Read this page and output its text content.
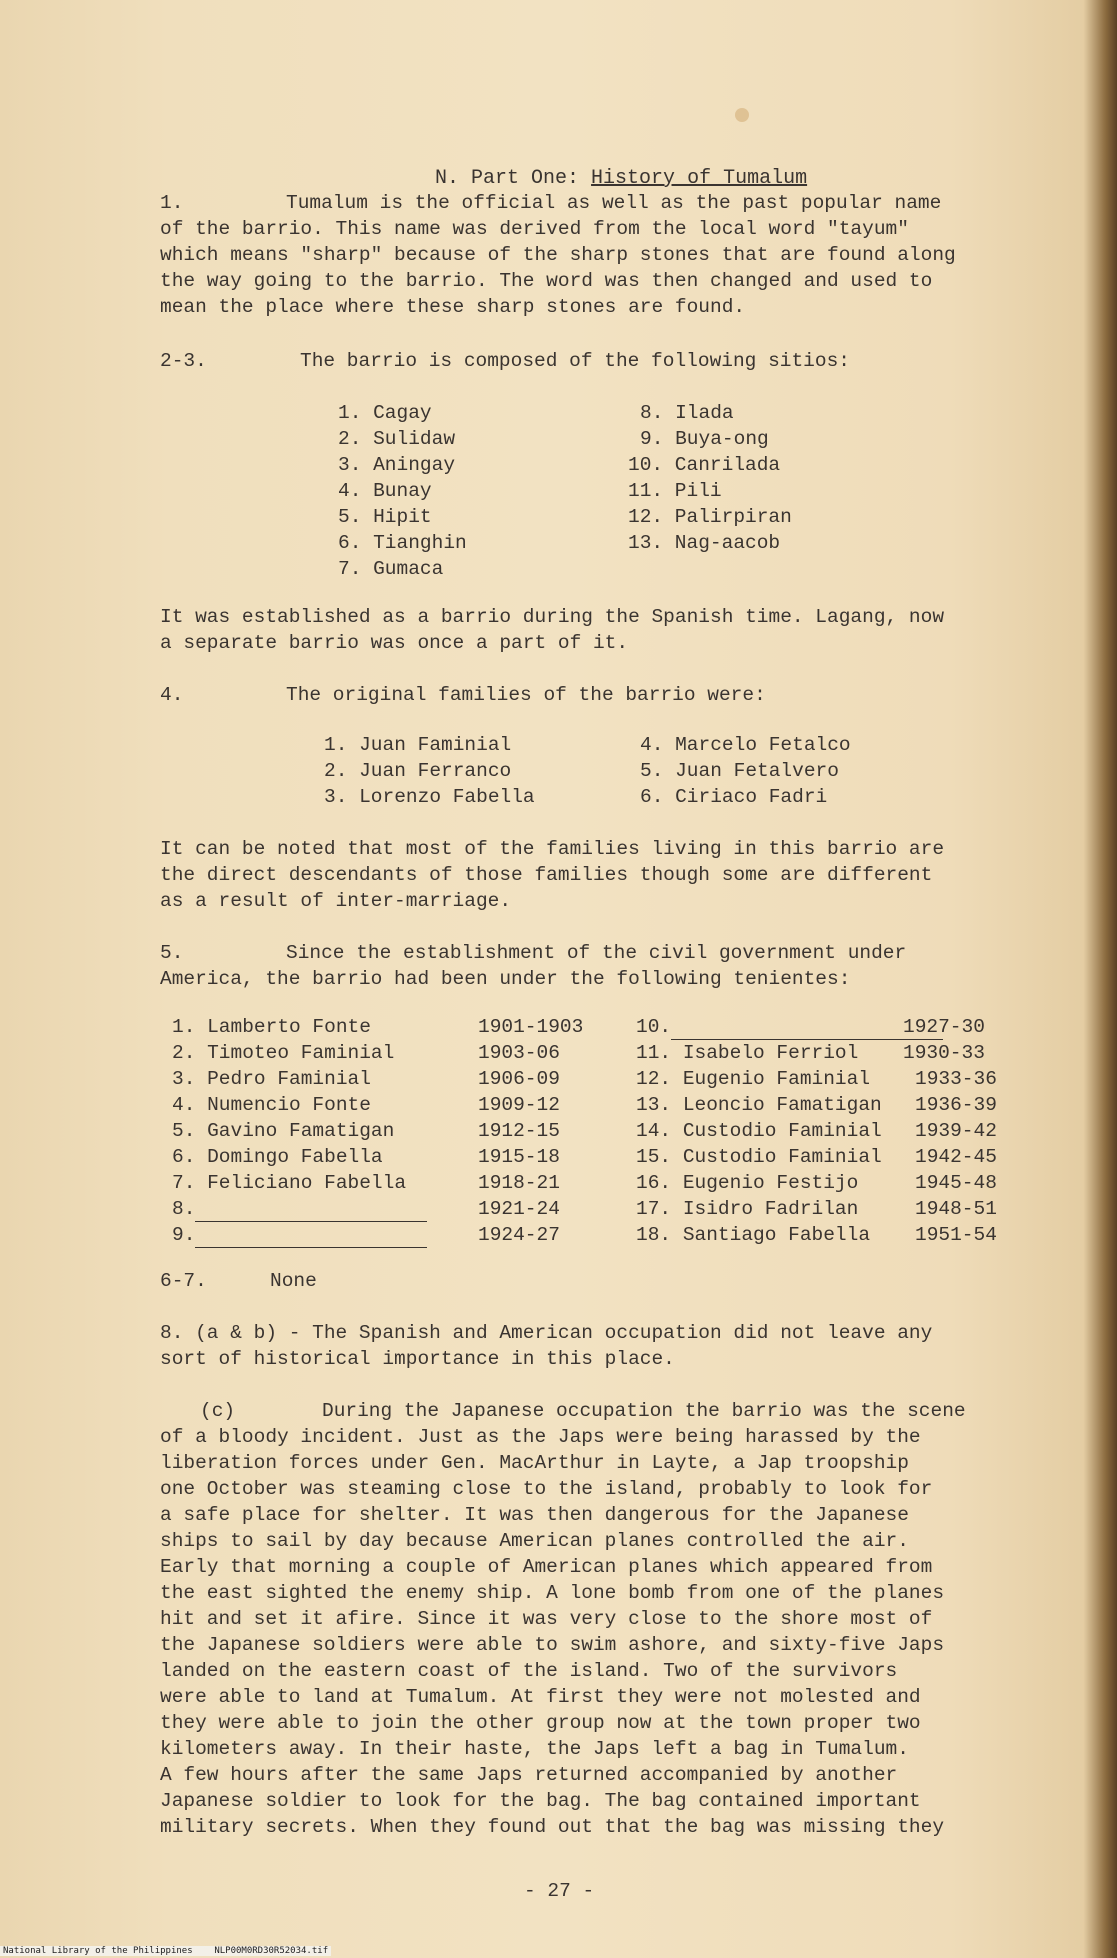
N. Part One: History of Tumalum

1.	Tumalum is the official as well as the past popular name
of the barrio. This name was derived from the local word "tayum"
which means "sharp" because of the sharp stones that are found along
the way going to the barrio. The word was then changed and used to
mean the place where these sharp stones are found.
2-3.	The barrio is composed of the following sitios:
1. Cagay
2. Sulidaw
3. Aningay
4. Bunay
5. Hipit
6. Tianghin
7. Gumaca
8. Ilada
9. Buya-ong
10. Canrilada
11. Pili
12. Palirpiran
13. Nag-aacob
It was established as a barrio during the Spanish time. Lagang, now
a separate barrio was once a part of it.
4.	The original families of the barrio were:
1. Juan Faminial
2. Juan Ferranco
3. Lorenzo Fabella
4. Marcelo Fetalco
5. Juan Fetalvero
6. Ciriaco Fadri
It can be noted that most of the families living in this barrio are
the direct descendants of those families though some are different
as a result of inter-marriage.
5.	Since the establishment of the civil government under
America, the barrio had been under the following tenientes:
1. Lamberto Fonte	1901-1903
2. Timoteo Faminial	1903-06
3. Pedro Faminial	1906-09
4. Numencio Fonte	1909-12
5. Gavino Famatigan	1912-15
6. Domingo Fabella	1915-18
7. Feliciano Fabella	1918-21
8.	1921-24
9.	1924-27
10.	1927-30
11. Isabelo Ferriol 1930-33
12. Eugenio Faminial 1933-36
13. Leoncio Famatigan 1936-39
14. Custodio Faminial 1939-42
15. Custodio Faminial 1942-45
16. Eugenio Festijo	1945-48
17. Isidro Fadrilan	1948-51
18. Santiago Fabella 1951-54
6-7.	None
8. (a & b) - The Spanish and American occupation did not leave any
sort of historical importance in this place.
(c)	During the Japanese occupation the barrio was the scene
of a bloody incident. Just as the Japs were being harassed by the
liberation forces under Gen. MacArthur in Layte, a Jap troopship
one October was steaming close to the island, probably to look for
a safe place for shelter. It was then dangerous for the Japanese
ships to sail by day because American planes controlled the air.
Early that morning a couple of American planes which appeared from
the east sighted the enemy ship. A lone bomb from one of the planes
hit and set it afire. Since it was very close to the shore most of
the Japanese soldiers were able to swim ashore, and sixty-five Japs
landed on the eastern coast of the island. Two of the survivors
were able to land at Tumalum. At first they were not molested and
they were able to join the other group now at the town proper two
kilometers away. In their haste, the Japs left a bag in Tumalum.
A few hours after the same Japs returned accompanied by another
Japanese soldier to look for the bag. The bag contained important
military secrets. When they found out that the bag was missing they
- 27 -
National Library of the Philippines    NLP00M0RD30R52034.tif
